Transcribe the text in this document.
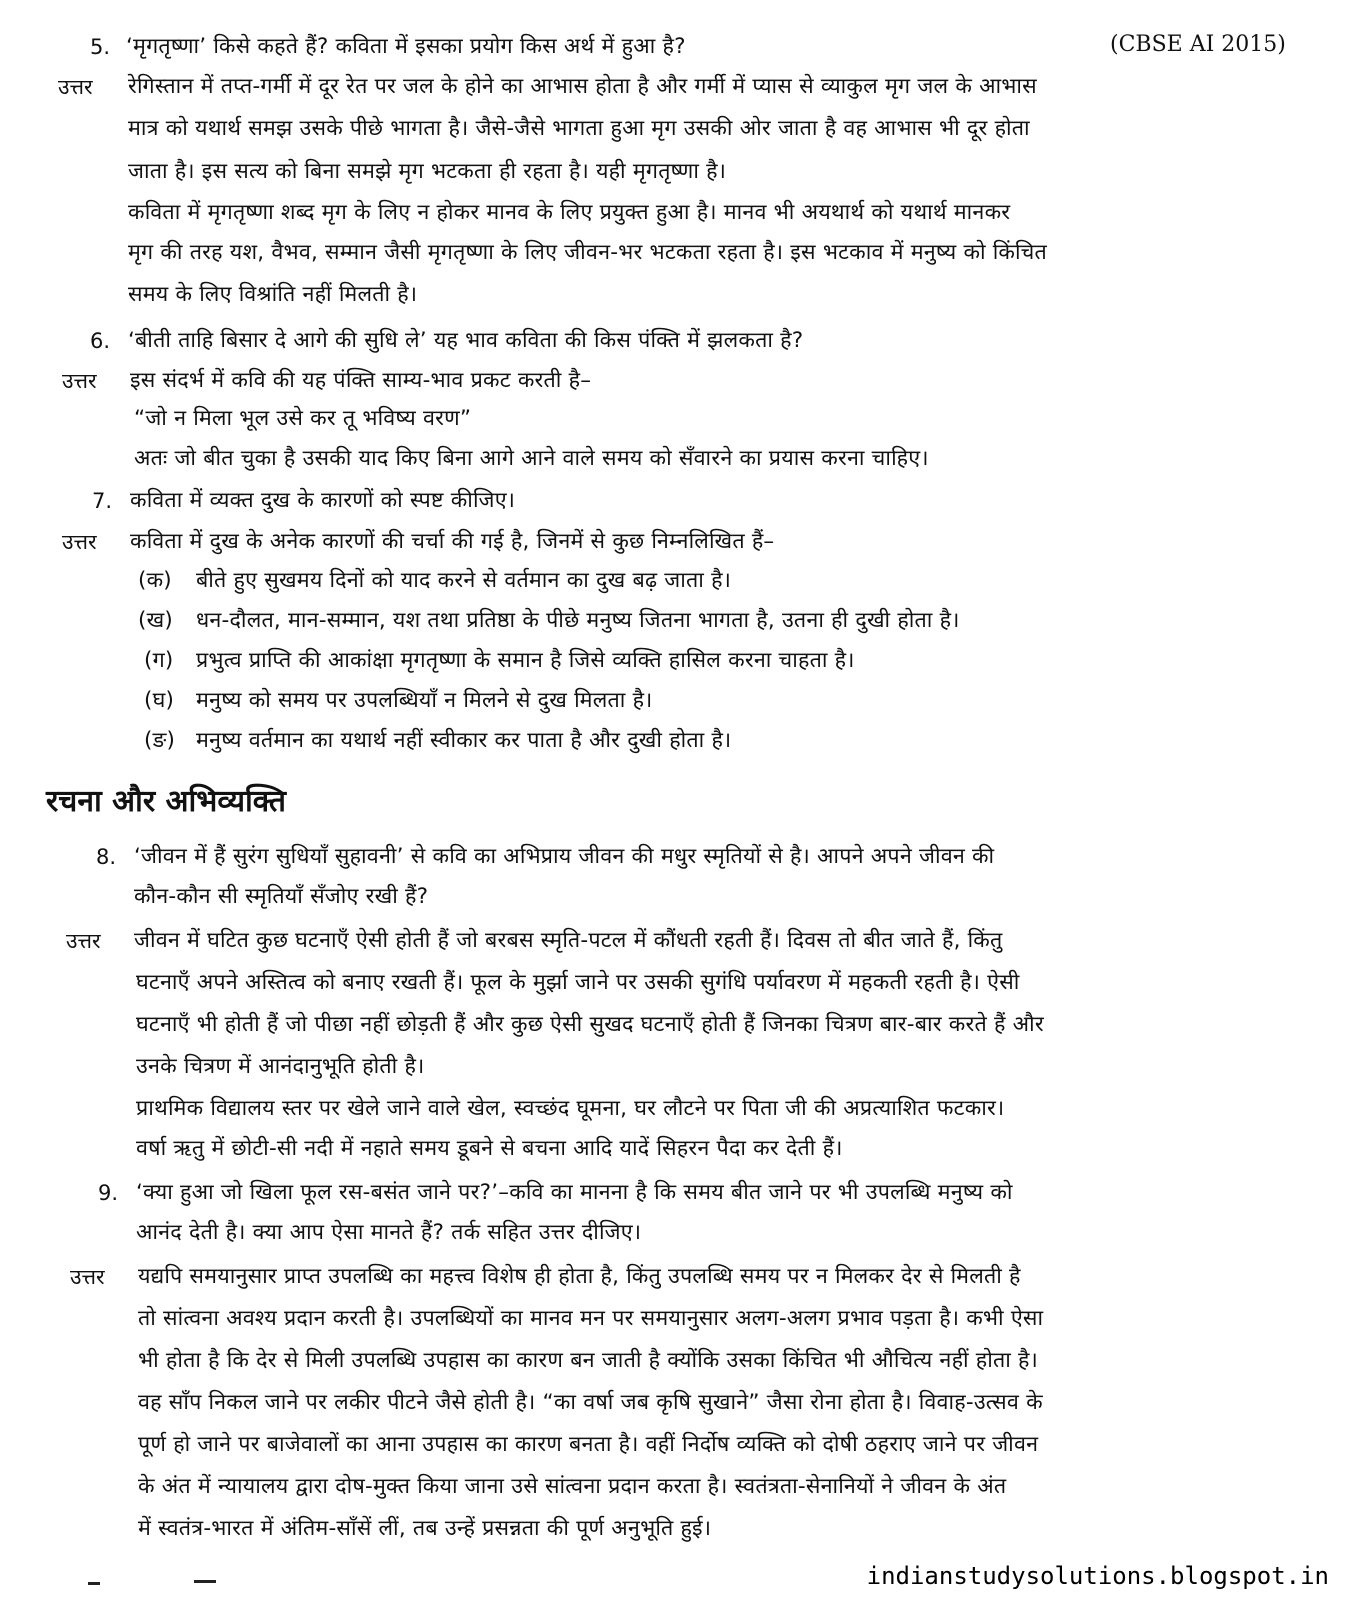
5. ‘मृगतृष्णा’ किसे कहते हैं? कविता में इसका प्रयोग किस अर्थ में हुआ है?	(CBSE AI 2015)
उत्तर रेगिस्तान में तप्त-गर्मी में दूर रेत पर जल के होने का आभास होता है और गर्मी में प्यास से व्याकुल मृग जल के आभास
मात्र को यथार्थ समझ उसके पीछे भागता है। जैसे-जैसे भागता हुआ मृग उसकी ओर जाता है वह आभास भी दूर होता
जाता है। इस सत्य को बिना समझे मृग भटकता ही रहता है। यही मृगतृष्णा है।
कविता में मृगतृष्णा शब्द मृग के लिए न होकर मानव के लिए प्रयुक्त हुआ है। मानव भी अयथार्थ को यथार्थ मानकर
मृग की तरह यश, वैभव, सम्मान जैसी मृगतृष्णा के लिए जीवन-भर भटकता रहता है। इस भटकाव में मनुष्य को किंचित
समय के लिए विश्रांति नहीं मिलती है।
6. ‘बीती ताहि बिसार दे आगे की सुधि ले’ यह भाव कविता की किस पंक्ति में झलकता है?
उत्तर इस संदर्भ में कवि की यह पंक्ति साम्य-भाव प्रकट करती है–
“जो न मिला भूल उसे कर तू भविष्य वरण”
अतः जो बीत चुका है उसकी याद किए बिना आगे आने वाले समय को सँवारने का प्रयास करना चाहिए।
7. कविता में व्यक्त दुख के कारणों को स्पष्ट कीजिए।
उत्तर कविता में दुख के अनेक कारणों की चर्चा की गई है, जिनमें से कुछ निम्नलिखित हैं–
(क) बीते हुए सुखमय दिनों को याद करने से वर्तमान का दुख बढ़ जाता है।
(ख) धन-दौलत, मान-सम्मान, यश तथा प्रतिष्ठा के पीछे मनुष्य जितना भागता है, उतना ही दुखी होता है।
(ग) प्रभुत्व प्राप्ति की आकांक्षा मृगतृष्णा के समान है जिसे व्यक्ति हासिल करना चाहता है।
(घ) मनुष्य को समय पर उपलब्धियाँ न मिलने से दुख मिलता है।
(ङ) मनुष्य वर्तमान का यथार्थ नहीं स्वीकार कर पाता है और दुखी होता है।
रचना और अभिव्यक्ति
8. ‘जीवन में हैं सुरंग सुधियाँ सुहावनी’ से कवि का अभिप्राय जीवन की मधुर स्मृतियों से है। आपने अपने जीवन की
कौन-कौन सी स्मृतियाँ सँजोए रखी हैं?
उत्तर जीवन में घटित कुछ घटनाएँ ऐसी होती हैं जो बरबस स्मृति-पटल में कौंधती रहती हैं। दिवस तो बीत जाते हैं, किंतु
घटनाएँ अपने अस्तित्व को बनाए रखती हैं। फूल के मुर्झा जाने पर उसकी सुगंधि पर्यावरण में महकती रहती है। ऐसी
घटनाएँ भी होती हैं जो पीछा नहीं छोड़ती हैं और कुछ ऐसी सुखद घटनाएँ होती हैं जिनका चित्रण बार-बार करते हैं और
उनके चित्रण में आनंदानुभूति होती है।
प्राथमिक विद्यालय स्तर पर खेले जाने वाले खेल, स्वच्छंद घूमना, घर लौटने पर पिता जी की अप्रत्याशित फटकार।
वर्षा ऋतु में छोटी-सी नदी में नहाते समय डूबने से बचना आदि यादें सिहरन पैदा कर देती हैं।
9. ‘क्या हुआ जो खिला फूल रस-बसंत जाने पर?’–कवि का मानना है कि समय बीत जाने पर भी उपलब्धि मनुष्य को
आनंद देती है। क्या आप ऐसा मानते हैं? तर्क सहित उत्तर दीजिए।
उत्तर यद्यपि समयानुसार प्राप्त उपलब्धि का महत्त्व विशेष ही होता है, किंतु उपलब्धि समय पर न मिलकर देर से मिलती है
तो सांत्वना अवश्य प्रदान करती है। उपलब्धियों का मानव मन पर समयानुसार अलग-अलग प्रभाव पड़ता है। कभी ऐसा
भी होता है कि देर से मिली उपलब्धि उपहास का कारण बन जाती है क्योंकि उसका किंचित भी औचित्य नहीं होता है।
वह साँप निकल जाने पर लकीर पीटने जैसे होती है। “का वर्षा जब कृषि सुखाने” जैसा रोना होता है। विवाह-उत्सव के
पूर्ण हो जाने पर बाजेवालों का आना उपहास का कारण बनता है। वहीं निर्दोष व्यक्ति को दोषी ठहराए जाने पर जीवन
के अंत में न्यायालय द्वारा दोष-मुक्त किया जाना उसे सांत्वना प्रदान करता है। स्वतंत्रता-सेनानियों ने जीवन के अंत
में स्वतंत्र-भारत में अंतिम-साँसें लीं, तब उन्हें प्रसन्नता की पूर्ण अनुभूति हुई।
indianstudysolutions.blogspot.in
